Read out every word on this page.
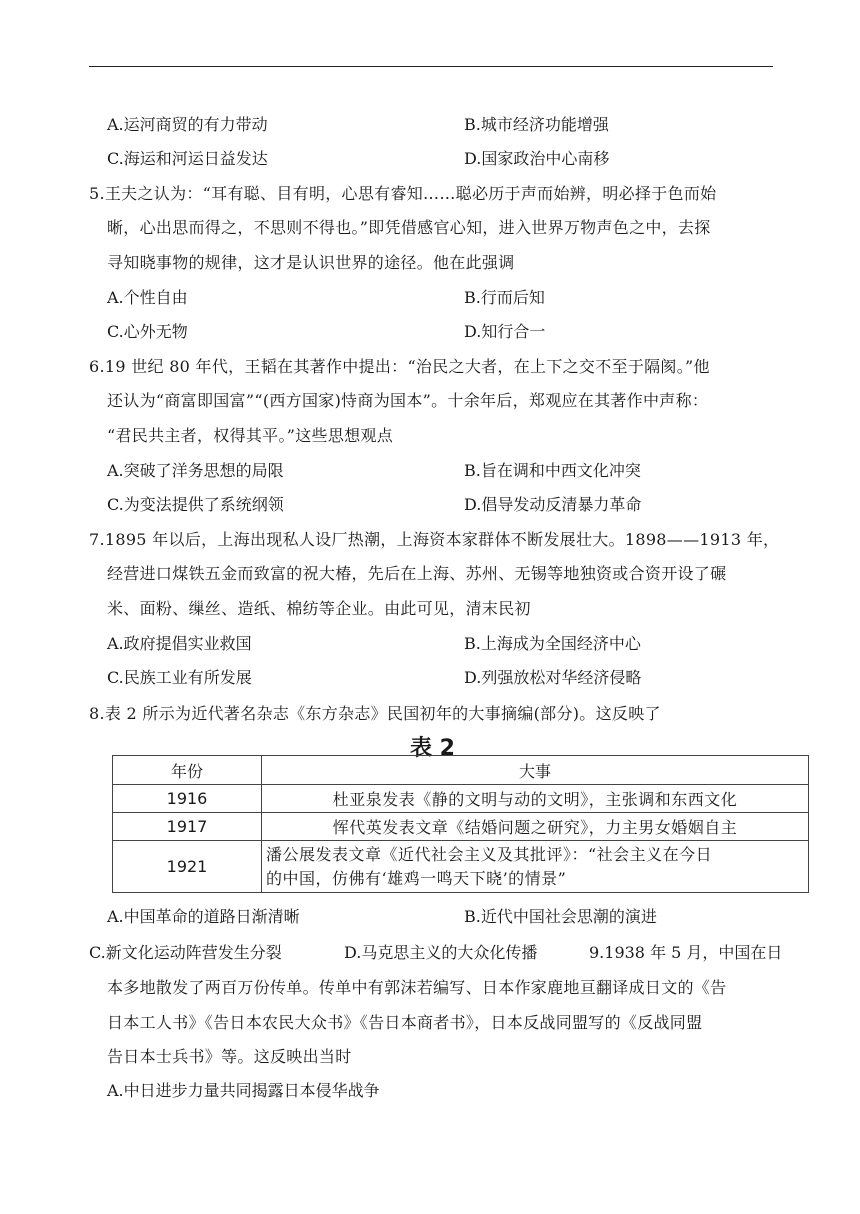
A.运河商贸的有力带动	B.城市经济功能增强
C.海运和河运日益发达	D.国家政治中心南移
5.王夫之认为：“耳有聪、目有明，心思有睿知……聪必历于声而始辨，明必择于色而始
晰，心出思而得之，不思则不得也。”即凭借感官心知，进入世界万物声色之中，去探
寻知晓事物的规律，这才是认识世界的途径。他在此强调
A.个性自由	B.行而后知
C.心外无物	D.知行合一
6.19 世纪 80 年代，王韬在其著作中提出：“治民之大者，在上下之交不至于隔阂。”他
还认为“商富即国富”“(西方国家)恃商为国本”。十余年后，郑观应在其著作中声称：
“君民共主者，权得其平。”这些思想观点
A.突破了洋务思想的局限	B.旨在调和中西文化冲突
C.为变法提供了系统纲领	D.倡导发动反清暴力革命
7.1895 年以后，上海出现私人设厂热潮，上海资本家群体不断发展壮大。1898——1913 年，
经营进口煤铁五金而致富的祝大椿，先后在上海、苏州、无锡等地独资或合资开设了碾
米、面粉、缫丝、造纸、棉纺等企业。由此可见，清末民初
A.政府提倡实业救国	B.上海成为全国经济中心
C.民族工业有所发展	D.列强放松对华经济侵略
8.表 2 所示为近代著名杂志《东方杂志》民国初年的大事摘编(部分)。这反映了
表 2
年份	大事
1916	杜亚泉发表《静的文明与动的文明》，主张调和东西文化
1917	恽代英发表文章《结婚问题之研究》，力主男女婚姻自主
1921	潘公展发表文章《近代社会主义及其批评》：“社会主义在今日
的中国，仿佛有‘雄鸡一鸣天下晓’的情景”
A.中国革命的道路日渐清晰	B.近代中国社会思潮的演进
C.新文化运动阵营发生分裂	D.马克思主义的大众化传播	9.1938 年 5 月，中国在日
本多地散发了两百万份传单。传单中有郭沫若编写、日本作家鹿地亘翻译成日文的《告
日本工人书》《告日本农民大众书》《告日本商者书》，日本反战同盟写的《反战同盟
告日本士兵书》等。这反映出当时
A.中日进步力量共同揭露日本侵华战争
